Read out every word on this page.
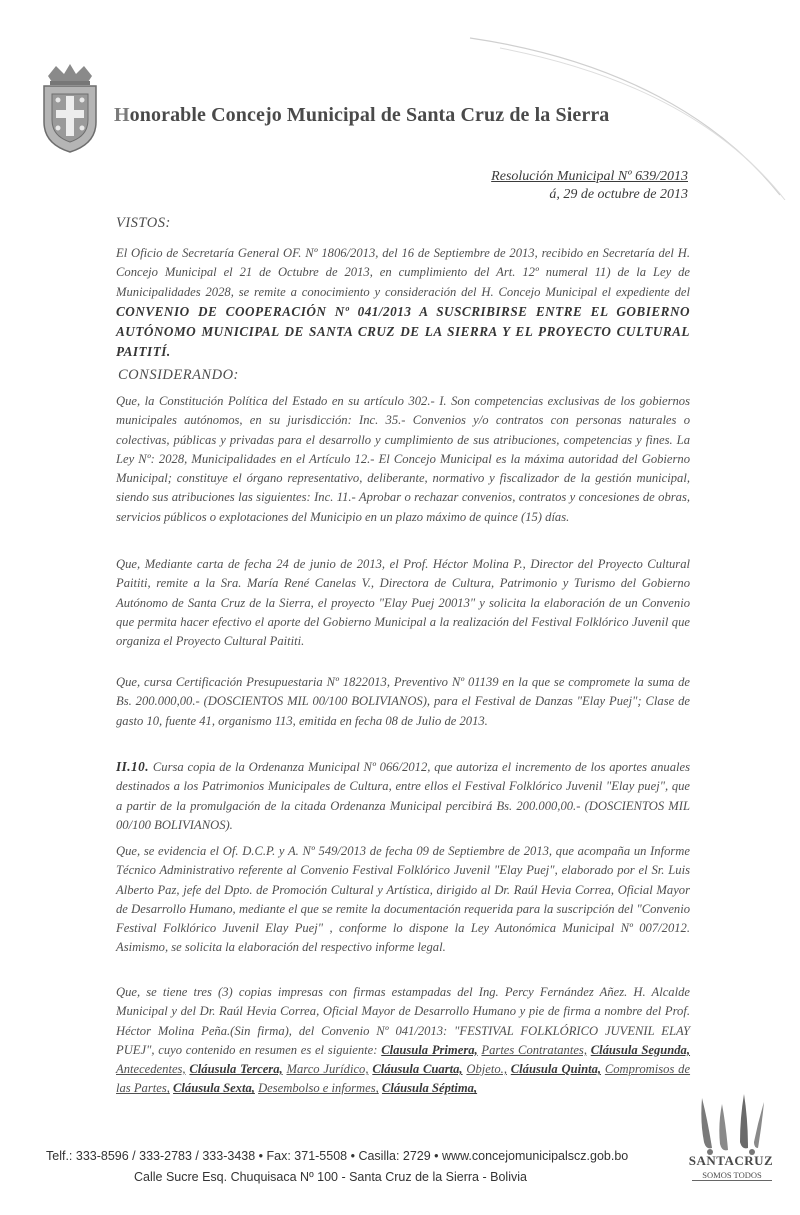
Honorable Concejo Municipal de Santa Cruz de la Sierra
Resolución Municipal Nº 639/2013
á, 29 de octubre de 2013
VISTOS:
El Oficio de Secretaría General OF. Nº 1806/2013, del 16 de Septiembre de 2013, recibido en Secretaría del H. Concejo Municipal el 21 de Octubre de 2013, en cumplimiento del Art. 12º numeral 11) de la Ley de Municipalidades 2028, se remite a conocimiento y consideración del H. Concejo Municipal el expediente del CONVENIO DE COOPERACIÓN Nº 041/2013 A SUSCRIBIRSE ENTRE EL GOBIERNO AUTÓNOMO MUNICIPAL DE SANTA CRUZ DE LA SIERRA Y EL PROYECTO CULTURAL PAITITÍ.
CONSIDERANDO:
Que, la Constitución Política del Estado en su artículo 302.- I. Son competencias exclusivas de los gobiernos municipales autónomos, en su jurisdicción: Inc. 35.- Convenios y/o contratos con personas naturales o colectivas, públicas y privadas para el desarrollo y cumplimiento de sus atribuciones, competencias y fines. La Ley Nº: 2028, Municipalidades en el Artículo 12.- El Concejo Municipal es la máxima autoridad del Gobierno Municipal; constituye el órgano representativo, deliberante, normativo y fiscalizador de la gestión municipal, siendo sus atribuciones las siguientes: Inc. 11.- Aprobar o rechazar convenios, contratos y concesiones de obras, servicios públicos o explotaciones del Municipio en un plazo máximo de quince (15) días.
Que, Mediante carta de fecha 24 de junio de 2013, el Prof. Héctor Molina P., Director del Proyecto Cultural Paititi, remite a la Sra. María René Canelas V., Directora de Cultura, Patrimonio y Turismo del Gobierno Autónomo de Santa Cruz de la Sierra, el proyecto "Elay Puej 20013" y solicita la elaboración de un Convenio que permita hacer efectivo el aporte del Gobierno Municipal a la realización del Festival Folklórico Juvenil que organiza el Proyecto Cultural Paititi.
Que, cursa Certificación Presupuestaria Nº 1822013, Preventivo Nº 01139 en la que se compromete la suma de Bs. 200.000,00.- (DOSCIENTOS MIL 00/100 BOLIVIANOS), para el Festival de Danzas "Elay Puej"; Clase de gasto 10, fuente 41, organismo 113, emitida en fecha 08 de Julio de 2013.
II.10. Cursa copia de la Ordenanza Municipal Nº 066/2012, que autoriza el incremento de los aportes anuales destinados a los Patrimonios Municipales de Cultura, entre ellos el Festival Folklórico Juvenil "Elay puej", que a partir de la promulgación de la citada Ordenanza Municipal percibirá Bs. 200.000,00.- (DOSCIENTOS MIL 00/100 BOLIVIANOS).
Que, se evidencia el Of. D.C.P. y A. Nº 549/2013 de fecha 09 de Septiembre de 2013, que acompaña un Informe Técnico Administrativo referente al Convenio Festival Folklórico Juvenil "Elay Puej", elaborado por el Sr. Luis Alberto Paz, jefe del Dpto. de Promoción Cultural y Artística, dirigido al Dr. Raúl Hevia Correa, Oficial Mayor de Desarrollo Humano, mediante el que se remite la documentación requerida para la suscripción del "Convenio Festival Folklórico Juvenil Elay Puej" , conforme lo dispone la Ley Autonómica Municipal Nº 007/2012. Asimismo, se solicita la elaboración del respectivo informe legal.
Que, se tiene tres (3) copias impresas con firmas estampadas del Ing. Percy Fernández Añez. H. Alcalde Municipal y del Dr. Raúl Hevia Correa, Oficial Mayor de Desarrollo Humano y pie de firma a nombre del Prof. Héctor Molina Peña.(Sin firma), del Convenio Nº 041/2013: "FESTIVAL FOLKLÓRICO JUVENIL ELAY PUEJ", cuyo contenido en resumen es el siguiente: Clausula Primera, Partes Contratantes, Cláusula Segunda, Antecedentes, Cláusula Tercera, Marco Jurídico, Cláusula Cuarta, Objeto., Cláusula Quinta, Compromisos de las Partes, Cláusula Sexta, Desembolso e informes, Cláusula Séptima,
Telf.: 333-8596 / 333-2783 / 333-3438 • Fax: 371-5508 • Casilla: 2729 • www.concejomunicipalscz.gob.bo
Calle Sucre Esq. Chuquisaca Nº 100 - Santa Cruz de la Sierra - Bolivia
SANTACRUZ
SOMOS TODOS
